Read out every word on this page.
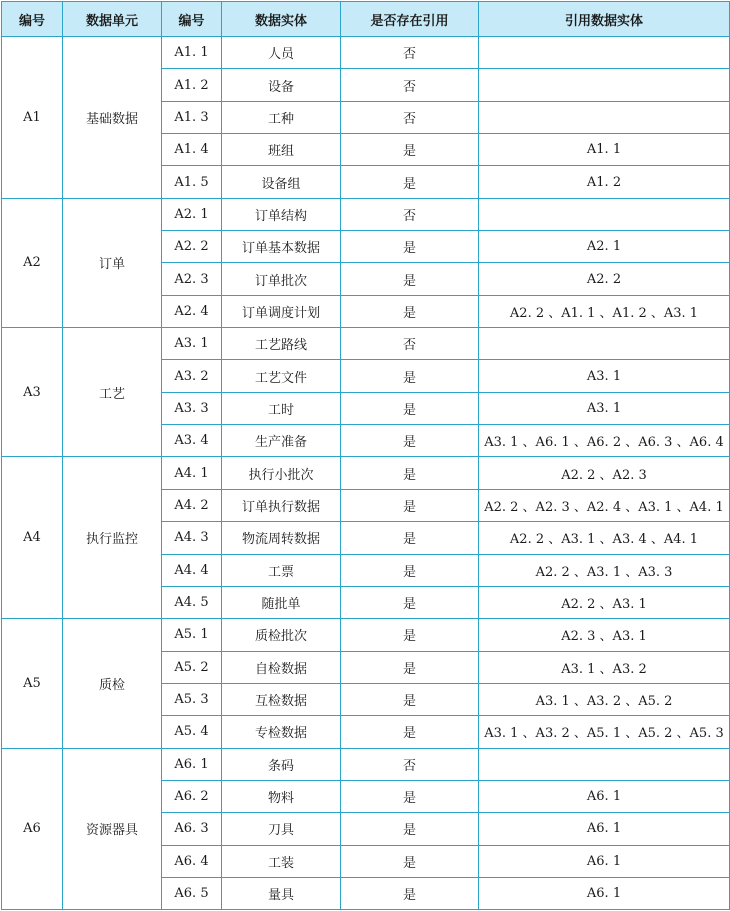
编号	数据单元	编号	数据实体	是否存在引用	引用数据实体
A1	基础数据	A1. 1	人员	否	
		A1. 2	设备	否	
		A1. 3	工种	否	
		A1. 4	班组	是	A1. 1
		A1. 5	设备组	是	A1. 2
A2	订单	A2. 1	订单结构	否	
		A2. 2	订单基本数据	是	A2. 1
		A2. 3	订单批次	是	A2. 2
		A2. 4	订单调度计划	是	A2. 2 、A1. 1 、A1. 2 、A3. 1
A3	工艺	A3. 1	工艺路线	否	
		A3. 2	工艺文件	是	A3. 1
		A3. 3	工时	是	A3. 1
		A3. 4	生产准备	是	A3. 1 、A6. 1 、A6. 2 、A6. 3 、A6. 4
A4	执行监控	A4. 1	执行小批次	是	A2. 2 、A2. 3
		A4. 2	订单执行数据	是	A2. 2 、A2. 3 、A2. 4 、A3. 1 、A4. 1
		A4. 3	物流周转数据	是	A2. 2 、A3. 1 、A3. 4 、A4. 1
		A4. 4	工票	是	A2. 2 、A3. 1 、A3. 3
		A4. 5	随批单	是	A2. 2 、A3. 1
A5	质检	A5. 1	质检批次	是	A2. 3 、A3. 1
		A5. 2	自检数据	是	A3. 1 、A3. 2
		A5. 3	互检数据	是	A3. 1 、A3. 2 、A5. 2
		A5. 4	专检数据	是	A3. 1 、A3. 2 、A5. 1 、A5. 2 、A5. 3
A6	资源器具	A6. 1	条码	否	
		A6. 2	物料	是	A6. 1
		A6. 3	刀具	是	A6. 1
		A6. 4	工装	是	A6. 1
		A6. 5	量具	是	A6. 1
